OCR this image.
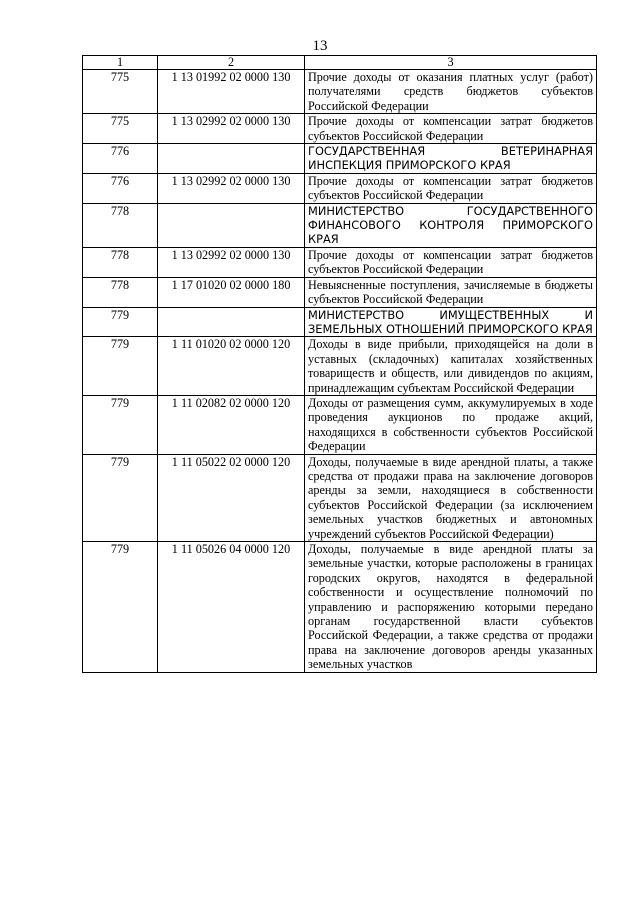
13
1	2	3
775	1 13 01992 02 0000 130	Прочие доходы от оказания платных услуг (работ) получателями средств бюджетов субъектов Российской Федерации
775	1 13 02992 02 0000 130	Прочие доходы от компенсации затрат бюджетов субъектов Российской Федерации
776		ГОСУДАРСТВЕННАЯ ВЕТЕРИНАРНАЯ ИНСПЕКЦИЯ ПРИМОРСКОГО КРАЯ
776	1 13 02992 02 0000 130	Прочие доходы от компенсации затрат бюджетов субъектов Российской Федерации
778		МИНИСТЕРСТВО ГОСУДАРСТВЕННОГО ФИНАНСОВОГО КОНТРОЛЯ ПРИМОРСКОГО КРАЯ
778	1 13 02992 02 0000 130	Прочие доходы от компенсации затрат бюджетов субъектов Российской Федерации
778	1 17 01020 02 0000 180	Невыясненные поступления, зачисляемые в бюджеты субъектов Российской Федерации
779		МИНИСТЕРСТВО ИМУЩЕСТВЕННЫХ И ЗЕМЕЛЬНЫХ ОТНОШЕНИЙ ПРИМОРСКОГО КРАЯ
779	1 11 01020 02 0000 120	Доходы в виде прибыли, приходящейся на доли в уставных (складочных) капиталах хозяйственных товариществ и обществ, или дивидендов по акциям, принадлежащим субъектам Российской Федерации
779	1 11 02082 02 0000 120	Доходы от размещения сумм, аккумулируемых в ходе проведения аукционов по продаже акций, находящихся в собственности субъектов Российской Федерации
779	1 11 05022 02 0000 120	Доходы, получаемые в виде арендной платы, а также средства от продажи права на заключение договоров аренды за земли, находящиеся в собственности субъектов Российской Федерации (за исключением земельных участков бюджетных и автономных учреждений субъектов Российской Федерации)
779	1 11 05026 04 0000 120	Доходы, получаемые в виде арендной платы за земельные участки, которые расположены в границах городских округов, находятся в федеральной собственности и осуществление полномочий по управлению и распоряжению которыми передано органам государственной власти субъектов Российской Федерации, а также средства от продажи права на заключение договоров аренды указанных земельных участков
